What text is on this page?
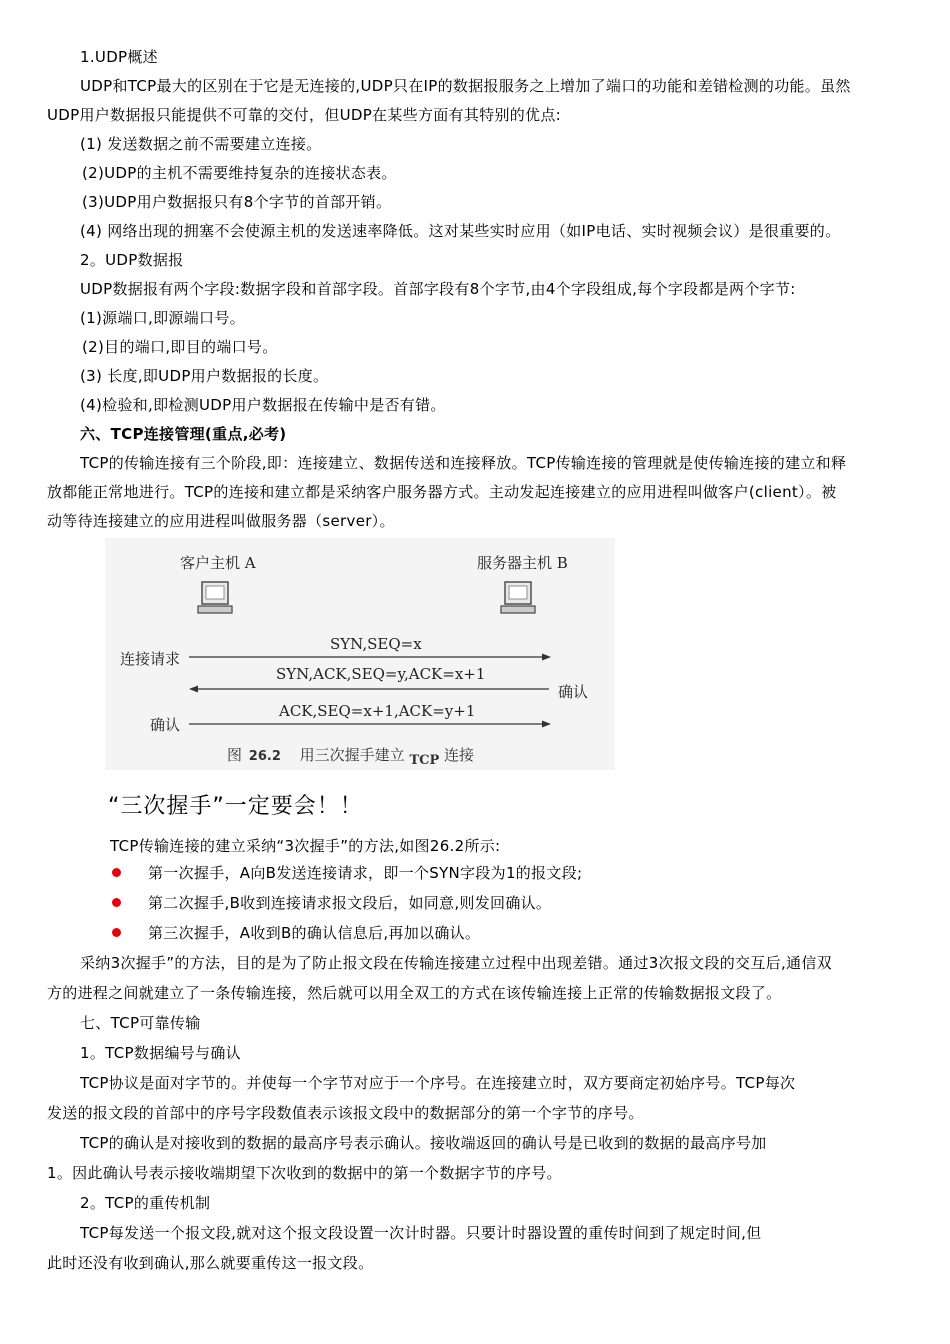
1.UDP概述
UDP和TCP最大的区别在于它是无连接的,UDP只在IP的数据报服务之上增加了端口的功能和差错检测的功能。虽然
UDP用户数据报只能提供不可靠的交付，但UDP在某些方面有其特别的优点:
(1) 发送数据之前不需要建立连接。
(2)UDP的主机不需要维持复杂的连接状态表。
(3)UDP用户数据报只有8个字节的首部开销。
(4) 网络出现的拥塞不会使源主机的发送速率降低。这对某些实时应用（如IP电话、实时视频会议）是很重要的。
2。UDP数据报
UDP数据报有两个字段:数据字段和首部字段。首部字段有8个字节,由4个字段组成,每个字段都是两个字节:
(1)源端口,即源端口号。
(2)目的端口,即目的端口号。
(3) 长度,即UDP用户数据报的长度。
(4)检验和,即检测UDP用户数据报在传输中是否有错。
六、TCP连接管理(重点,必考)
TCP的传输连接有三个阶段,即：连接建立、数据传送和连接释放。TCP传输连接的管理就是使传输连接的建立和释
放都能正常地进行。TCP的连接和建立都是采纳客户服务器方式。主动发起连接建立的应用进程叫做客户(client）。被
动等待连接建立的应用进程叫做服务器（server）。
客户主机 A	服务器主机 B
SYN,SEQ=x
SYN,ACK,SEQ=y,ACK=x+1
ACK,SEQ=x+1,ACK=y+1
连接请求
确认
确认
图 26.2 用三次握手建立 TCP 连接
“三次握手”一定要会！！
TCP传输连接的建立采纳“3次握手”的方法,如图26.2所示:
第一次握手，A向B发送连接请求，即一个SYN字段为1的报文段;
第二次握手,B收到连接请求报文段后，如同意,则发回确认。
第三次握手，A收到B的确认信息后,再加以确认。
采纳3次握手”的方法，目的是为了防止报文段在传输连接建立过程中出现差错。通过3次报文段的交互后,通信双
方的进程之间就建立了一条传输连接，然后就可以用全双工的方式在该传输连接上正常的传输数据报文段了。
七、TCP可靠传输
1。TCP数据编号与确认
TCP协议是面对字节的。并使每一个字节对应于一个序号。在连接建立时，双方要商定初始序号。TCP每次
发送的报文段的首部中的序号字段数值表示该报文段中的数据部分的第一个字节的序号。
TCP的确认是对接收到的数据的最高序号表示确认。接收端返回的确认号是已收到的数据的最高序号加
1。因此确认号表示接收端期望下次收到的数据中的第一个数据字节的序号。
2。TCP的重传机制
TCP每发送一个报文段,就对这个报文段设置一次计时器。只要计时器设置的重传时间到了规定时间,但
此时还没有收到确认,那么就要重传这一报文段。
